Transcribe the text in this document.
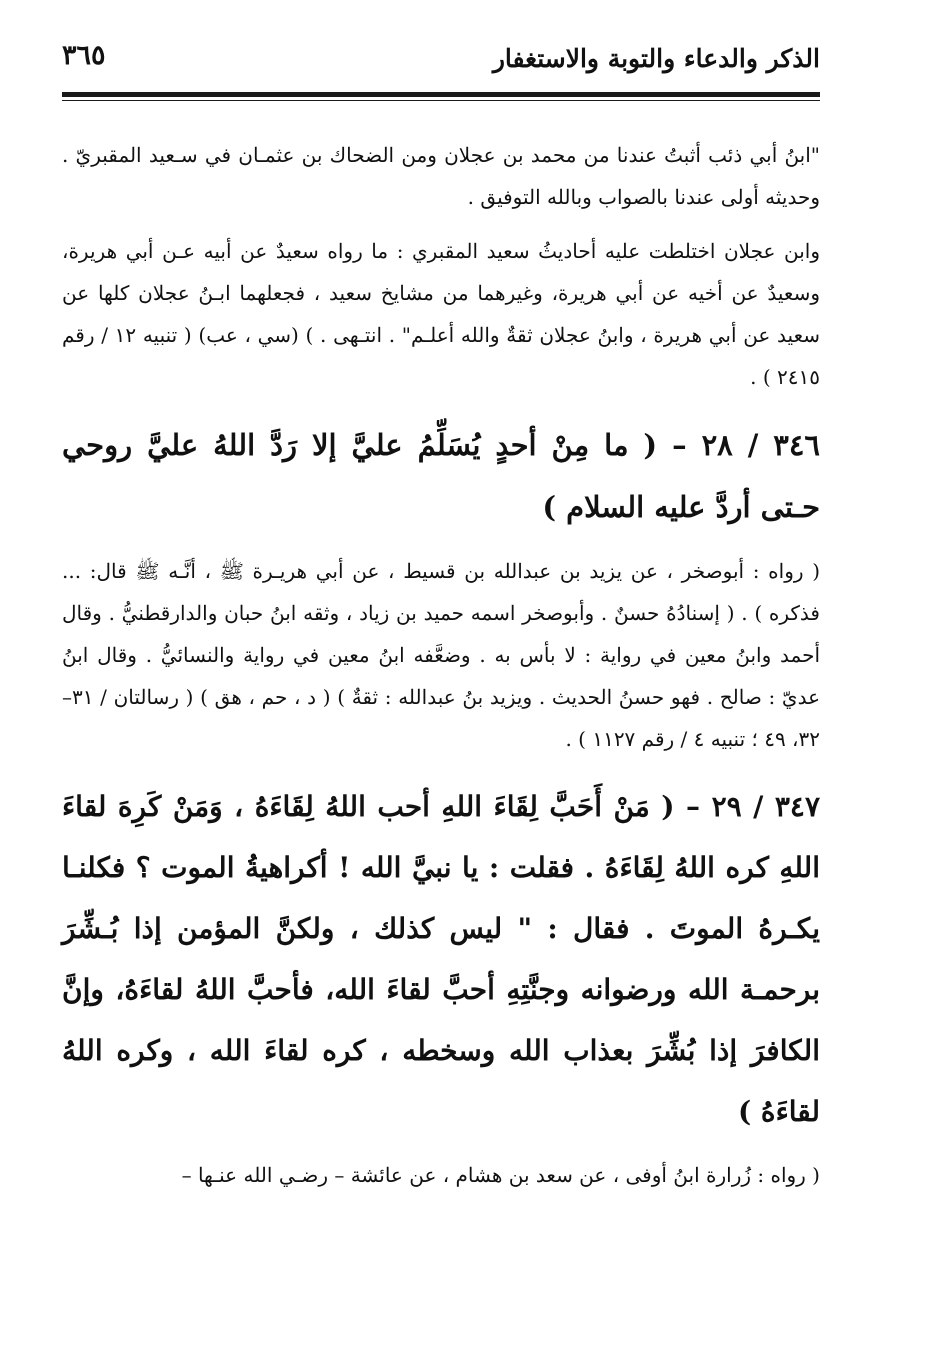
الذكر والدعاء والتوبة والاستغفار
٣٦٥

"ابنُ أبي ذئب أثبتُ عندنا من محمد بن عجلان ومن الضحاك بن عثمـان في سـعيد المقبريّ . وحديثه أولى عندنا بالصواب وبالله التوفيق .

وابن عجلان اختلطت عليه أحاديثُ سعيد المقبري : ما رواه سعيدٌ عن أبيه عـن أبي هريرة، وسعيدٌ عن أخيه عن أبي هريرة، وغيرهما من مشايخ سعيد ، فجعلهما ابـنُ عجلان كلها عن سعيد عن أبي هريرة ، وابنُ عجلان ثقةٌ والله أعلـم" . انتـهى . ) (سي ، عب) ( تنبيه ١٢ / رقم ٢٤١٥ ) .

٣٤٦ / ٢٨ – ( ما مِنْ أحدٍ يُسَلِّمُ عليَّ إلا رَدَّ اللهُ عليَّ روحي حـتى أردَّ عليه السلام )

( رواه : أبوصخر ، عن يزيد بن عبدالله بن قسيط ، عن أبي هريـرة ﷺ ، أنَّـه ﷺ قال: ... فذكره ) . ( إسنادُهُ حسنٌ . وأبوصخر اسمه حميد بن زياد ، وثقه ابنُ حبان والدارقطنيُّ . وقال أحمد وابنُ معين في رواية : لا بأس به . وضعَّفه ابنُ معين في رواية والنسائيُّ . وقال ابنُ عديّ : صالح . فهو حسنُ الحديث . ويزيد بنُ عبدالله : ثقةٌ ) ( د ، حم ، هق ) ( رسالتان / ٣١–٣٢، ٤٩ ؛ تنبيه ٤ / رقم ١١٢٧ ) .

٣٤٧ / ٢٩ – ( مَنْ أَحَبَّ لِقَاءَ اللهِ أحب اللهُ لِقَاءَهُ ، وَمَنْ كَرِهَ لقاءَ اللهِ كره اللهُ لِقَاءَهُ . فقلت : يا نبيَّ الله ! أكراهيةُ الموت ؟ فكلنـا يكـرهُ الموتَ . فقال : " ليس كذلك ، ولكنَّ المؤمن إذا بُـشِّرَ برحمـة الله ورضوانه وجنَّتِهِ أحبَّ لقاءَ الله، فأحبَّ اللهُ لقاءَهُ، وإنَّ الكافرَ إذا بُشِّرَ بعذاب الله وسخطه ، كره لقاءَ الله ، وكره اللهُ لقاءَهُ )

( رواه : زُرارة ابنُ أوفى ، عن سعد بن هشام ، عن عائشة – رضـي الله عنـها –
